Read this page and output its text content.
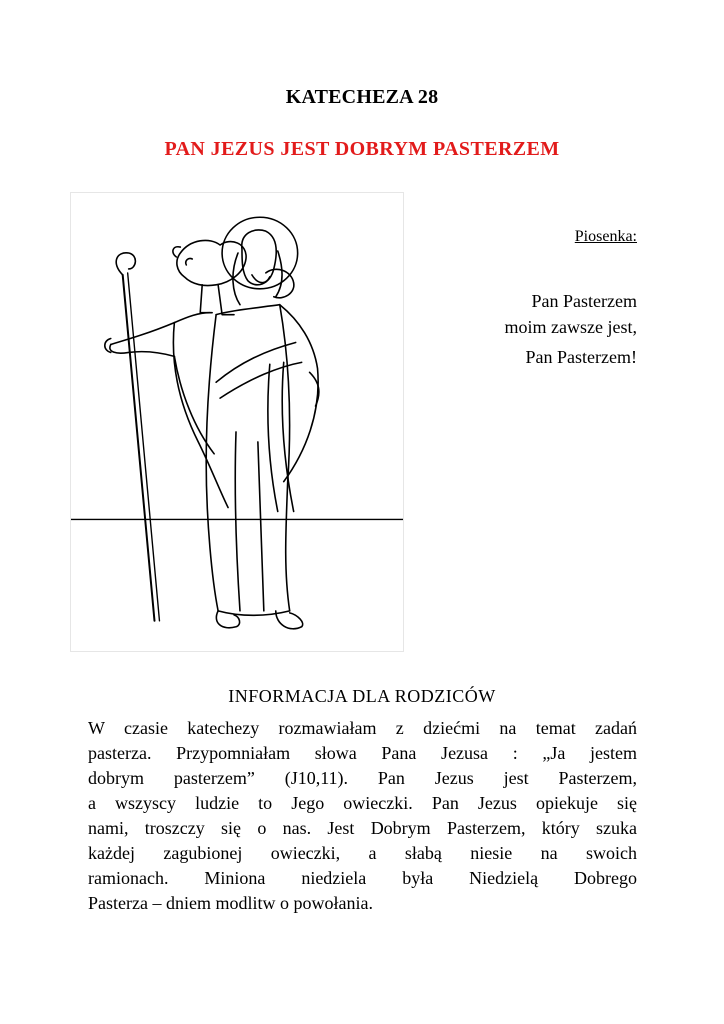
KATECHEZA 28
PAN JEZUS JEST DOBRYM PASTERZEM
Piosenka:
Pan Pasterzem
moim zawsze jest,
Pan Pasterzem!
INFORMACJA DLA RODZICÓW
W czasie katechezy rozmawiałam z dziećmi na temat zadań
pasterza. Przypomniałam słowa Pana Jezusa : „Ja jestem
dobrym pasterzem” (J10,11). Pan Jezus jest Pasterzem,
a wszyscy ludzie to Jego owieczki. Pan Jezus opiekuje się
nami, troszczy się o nas. Jest Dobrym Pasterzem, który szuka
każdej zagubionej owieczki, a słabą niesie na swoich
ramionach. Miniona niedziela była Niedzielą Dobrego
Pasterza – dniem modlitw o powołania.
